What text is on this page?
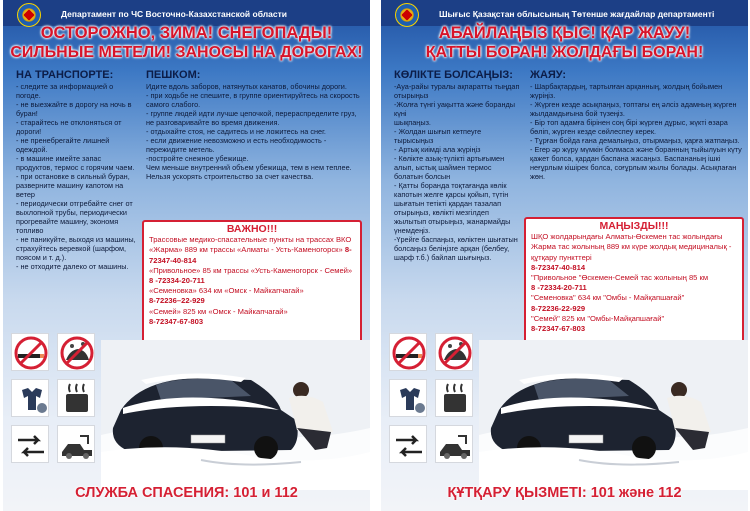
Департамент по ЧС Восточно-Казахстанской области
ОСТОРОЖНО, ЗИМА! СНЕГОПАДЫ!
СИЛЬНЫЕ МЕТЕЛИ! ЗАНОСЫ НА ДОРОГАХ!
НА ТРАНСПОРТЕ:
- следите за информацией о погоде.
- не выезжайте в дорогу на ночь в буран!
- старайтесь не отклоняться от дороги!
- не пренебрегайте лишней одеждой.
- в машине имейте запас продуктов, термос с горячим чаем.
- при остановке в сильный буран, разверните машину капотом на ветер
- периодически отгребайте снег от выхлопной трубы, периодически прогревайте машину, экономя топливо
- не паникуйте, выходя из машины, страхуйтесь веревкой (шарфом, поясом и т. д.).
- не отходите далеко от машины.
ПЕШКОМ:
Идите вдоль заборов, натянутых канатов, обочины дороги.
- при ходьбе не спешите, в группе ориентируйтесь на скорость самого слабого.
- группе людей идти лучше цепочкой, перераспределите груз, не разговаривайте во время движения.
- отдыхайте стоя, не садитесь и не ложитесь на снег.
- если движение невозможно и есть необходимость - пережидите метель.
-постройте снежное убежище.
Чем меньше внутренний объем убежища, тем в нем теплее. Нельзя ускорять строительство за счет качества.
ВАЖНО!!!
Трассовые медико-спасательные пункты на трассах ВКО «Жарма» 889 км трассы «Алматы - Усть-Каменогорск» 8-72347-40-814
«Привольное» 85 км трассы «Усть-Каменогорск - Семей» 8 -72334-20-711
«Семеновка» 634 км «Омск - Майкапчагай»
8-72236–22-929
«Семей» 825 км «Омск - Майкапчагай»
8-72347-67-803
СЛУЖБА СПАСЕНИЯ: 101 и 112
Шығыс Қазақстан облысының Төтенше жағдайлар департаменті
АБАЙЛАҢЫЗ ҚЫС! ҚАР ЖАУУ!
ҚАТТЫ БОРАН! ЖОЛДАҒЫ БОРАН!
КӨЛІКТЕ БОЛСАҢЫЗ:
-Ауа-райы туралы ақпаратты тыңдап
отырыңыз
-Жолға түнгі уақытта және боранды күні
шықпаңыз.
- Жолдан шығып кетпеуге тырысыңыз
- Артық киімді ала жүріңіз
- Көлікте азық-түлікті артығымен алып, ыстық шаймен термос болатын болсын
- Қатты боранда тоқтағанда көлік капотын желге қарсы қойып, түтін шығатын тетікті қардан тазалап отырыңыз, көлікті мезгілдеп жылытып отырыңыз, жанармайды үнемдеңіз.
-Үрейге баспаңыз, көліктен шығатын болсаңыз беліңізге арқан (белбеу, шарф т.б.) байлап шығыңыз.
ЖАЯУ:
- Шарбақтардың, тартылған арқанның, жолдың бойымен жүріңіз.
- Жүрген кезде асықпаңыз, топтағы ең әлсіз адамның жүрген жылдамдығына бой түзеңіз.
- Бір топ адамға бірінен соң бірі жүрген дұрыс, жүкті өзара бөліп, жүрген кезде сөйлеспеу керек.
- Тұрған бойда ғана демалыңыз, отырмаңыз, қарға жатпаңыз.
- Егер әр жүру мүмкін болмаса және боранның тыйылуын күту қажет болса, қардан баспана жасаңыз. Баспананың ішкі неғұрлым кішірек болса, соғұрлым жылы болады. Асықпаған жөн.
МАҢЫЗДЫ!!!
ШҚО жолдарындағы Алматы-Өскемен тас жолындағы Жарма тас жолының 889 км күре жолдық медициналық - құтқару пункттері
8-72347-40-814
"Привольное "Өскемен-Семей тас жолының 85 км
8 -72334-20-711
"Семеновка" 634 км "Омбы - Майқапшағай"
8-72236-22-929
"Семей" 825 км "Омбы-Майқапшағай"
8-72347-67-803
ҚҰТҚАРУ ҚЫЗМЕТІ: 101 және 112
